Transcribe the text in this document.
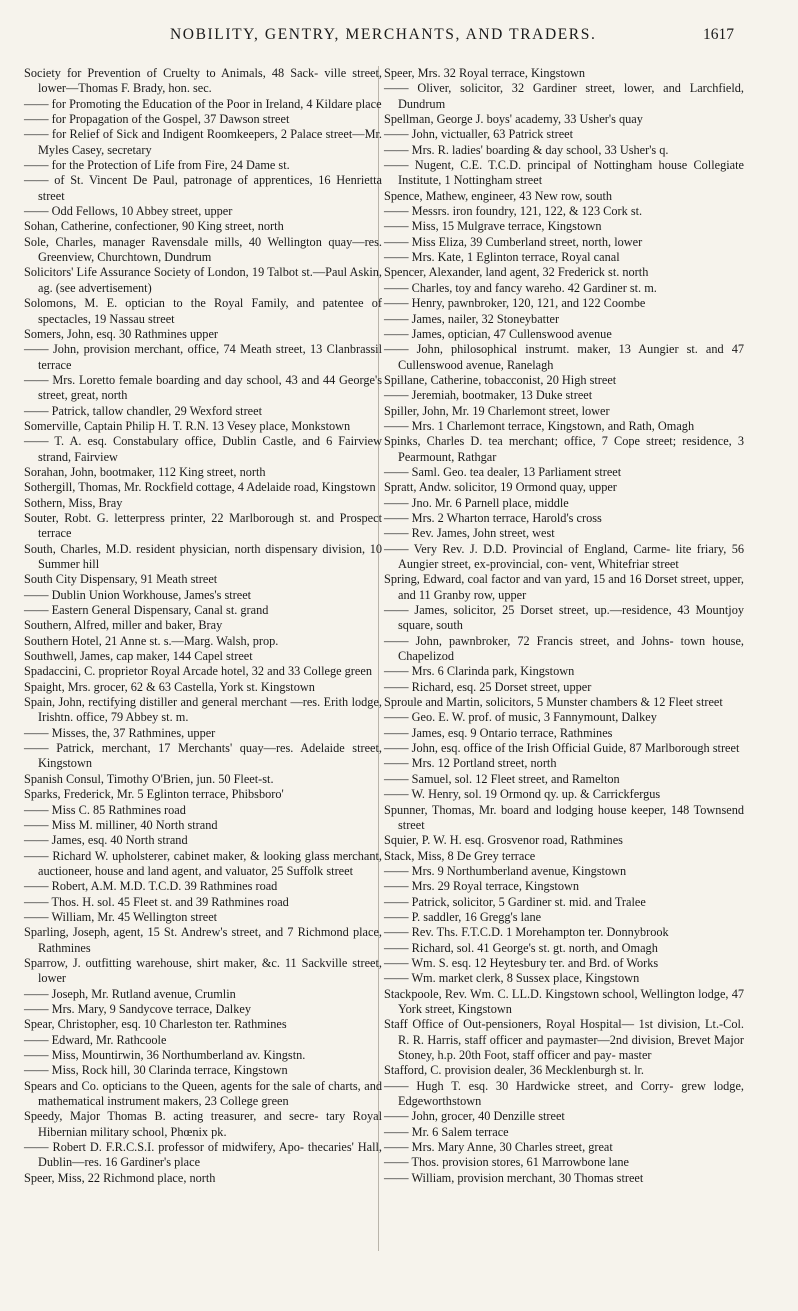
NOBILITY, GENTRY, MERCHANTS, AND TRADERS.	1617
Society for Prevention of Cruelty to Animals, 48 Sack- ville street, lower—Thomas F. Brady, hon. sec.
—— for Promoting the Education of the Poor in Ireland, 4 Kildare place
—— for Propagation of the Gospel, 37 Dawson street
—— for Relief of Sick and Indigent Roomkeepers, 2 Palace street—Mr. Myles Casey, secretary
—— for the Protection of Life from Fire, 24 Dame st.
—— of St. Vincent De Paul, patronage of apprentices, 16 Henrietta street
—— Odd Fellows, 10 Abbey street, upper
Sohan, Catherine, confectioner, 90 King street, north
Sole, Charles, manager Ravensdale mills, 40 Wellington quay—res. Greenview, Churchtown, Dundrum
Solicitors' Life Assurance Society of London, 19 Talbot st.—Paul Askin, ag. (see advertisement)
Solomons, M. E. optician to the Royal Family, and patentee of spectacles, 19 Nassau street
Somers, John, esq. 30 Rathmines upper
—— John, provision merchant, office, 74 Meath street, 13 Clanbrassil terrace
—— Mrs. Loretto female boarding and day school, 43 and 44 George's street, great, north
—— Patrick, tallow chandler, 29 Wexford street
Somerville, Captain Philip H. T. R.N. 13 Vesey place, Monkstown
—— T. A. esq. Constabulary office, Dublin Castle, and 6 Fairview strand, Fairview
Sorahan, John, bootmaker, 112 King street, north
Sothergill, Thomas, Mr. Rockfield cottage, 4 Adelaide road, Kingstown
Sothern, Miss, Bray
Souter, Robt. G. letterpress printer, 22 Marlborough st. and Prospect terrace
South, Charles, M.D. resident physician, north dispensary division, 10 Summer hill
South City Dispensary, 91 Meath street
—— Dublin Union Workhouse, James's street
—— Eastern General Dispensary, Canal st. grand
Southern, Alfred, miller and baker, Bray
Southern Hotel, 21 Anne st. s.—Marg. Walsh, prop.
Southwell, James, cap maker, 144 Capel street
Spadaccini, C. proprietor Royal Arcade hotel, 32 and 33 College green
Spaight, Mrs. grocer, 62 & 63 Castella, York st. Kingstown
Spain, John, rectifying distiller and general merchant —res. Erith lodge, Irishtn. office, 79 Abbey st. m.
—— Misses, the, 37 Rathmines, upper
—— Patrick, merchant, 17 Merchants' quay—res. Adelaide street, Kingstown
Spanish Consul, Timothy O'Brien, jun. 50 Fleet-st.
Sparks, Frederick, Mr. 5 Eglinton terrace, Phibsboro'
—— Miss C. 85 Rathmines road
—— Miss M. milliner, 40 North strand
—— James, esq. 40 North strand
—— Richard W. upholsterer, cabinet maker, & looking glass merchant, auctioneer, house and land agent, and valuator, 25 Suffolk street
—— Robert, A.M. M.D. T.C.D. 39 Rathmines road
—— Thos. H. sol. 45 Fleet st. and 39 Rathmines road
—— William, Mr. 45 Wellington street
Sparling, Joseph, agent, 15 St. Andrew's street, and 7 Richmond place, Rathmines
Sparrow, J. outfitting warehouse, shirt maker, &c. 11 Sackville street, lower
—— Joseph, Mr. Rutland avenue, Crumlin
—— Mrs. Mary, 9 Sandycove terrace, Dalkey
Spear, Christopher, esq. 10 Charleston ter. Rathmines
—— Edward, Mr. Rathcoole
—— Miss, Mountirwin, 36 Northumberland av. Kingstn.
—— Miss, Rock hill, 30 Clarinda terrace, Kingstown
Spears and Co. opticians to the Queen, agents for the sale of charts, and mathematical instrument makers, 23 College green
Speedy, Major Thomas B. acting treasurer, and secre- tary Royal Hibernian military school, Phœnix pk.
—— Robert D. F.R.C.S.I. professor of midwifery, Apo- thecaries' Hall, Dublin—res. 16 Gardiner's place
Speer, Miss, 22 Richmond place, north
Speer, Mrs. 32 Royal terrace, Kingstown
—— Oliver, solicitor, 32 Gardiner street, lower, and Larchfield, Dundrum
Spellman, George J. boys' academy, 33 Usher's quay
—— John, victualler, 63 Patrick street
—— Mrs. R. ladies' boarding & day school, 33 Usher's q.
—— Nugent, C.E. T.C.D. principal of Nottingham house Collegiate Institute, 1 Nottingham street
Spence, Mathew, engineer, 43 New row, south
—— Messrs. iron foundry, 121, 122, & 123 Cork st.
—— Miss, 15 Mulgrave terrace, Kingstown
—— Miss Eliza, 39 Cumberland street, north, lower
—— Mrs. Kate, 1 Eglinton terrace, Royal canal
Spencer, Alexander, land agent, 32 Frederick st. north
—— Charles, toy and fancy wareho. 42 Gardiner st. m.
—— Henry, pawnbroker, 120, 121, and 122 Coombe
—— James, nailer, 32 Stoneybatter
—— James, optician, 47 Cullenswood avenue
—— John, philosophical instrumt. maker, 13 Aungier st. and 47 Cullenswood avenue, Ranelagh
Spillane, Catherine, tobacconist, 20 High street
—— Jeremiah, bootmaker, 13 Duke street
Spiller, John, Mr. 19 Charlemont street, lower
—— Mrs. 1 Charlemont terrace, Kingstown, and Rath, Omagh
Spinks, Charles D. tea merchant; office, 7 Cope street; residence, 3 Pearmount, Rathgar
—— Saml. Geo. tea dealer, 13 Parliament street
Spratt, Andw. solicitor, 19 Ormond quay, upper
—— Jno. Mr. 6 Parnell place, middle
—— Mrs. 2 Wharton terrace, Harold's cross
—— Rev. James, John street, west
—— Very Rev. J. D.D. Provincial of England, Carme- lite friary, 56 Aungier street, ex-provincial, con- vent, Whitefriar street
Spring, Edward, coal factor and van yard, 15 and 16 Dorset street, upper, and 11 Granby row, upper
—— James, solicitor, 25 Dorset street, up.—residence, 43 Mountjoy square, south
—— John, pawnbroker, 72 Francis street, and Johns- town house, Chapelizod
—— Mrs. 6 Clarinda park, Kingstown
—— Richard, esq. 25 Dorset street, upper
Sproule and Martin, solicitors, 5 Munster chambers & 12 Fleet street
—— Geo. E. W. prof. of music, 3 Fannymount, Dalkey
—— James, esq. 9 Ontario terrace, Rathmines
—— John, esq. office of the Irish Official Guide, 87 Marlborough street
—— Mrs. 12 Portland street, north
—— Samuel, sol. 12 Fleet street, and Ramelton
—— W. Henry, sol. 19 Ormond qy. up. & Carrickfergus
Spunner, Thomas, Mr. board and lodging house keeper, 148 Townsend street
Squier, P. W. H. esq. Grosvenor road, Rathmines
Stack, Miss, 8 De Grey terrace
—— Mrs. 9 Northumberland avenue, Kingstown
—— Mrs. 29 Royal terrace, Kingstown
—— Patrick, solicitor, 5 Gardiner st. mid. and Tralee
—— P. saddler, 16 Gregg's lane
—— Rev. Ths. F.T.C.D. 1 Morehampton ter. Donnybrook
—— Richard, sol. 41 George's st. gt. north, and Omagh
—— Wm. S. esq. 12 Heytesbury ter. and Brd. of Works
—— Wm. market clerk, 8 Sussex place, Kingstown
Stackpoole, Rev. Wm. C. LL.D. Kingstown school, Wellington lodge, 47 York street, Kingstown
Staff Office of Out-pensioners, Royal Hospital— 1st division, Lt.-Col. R. R. Harris, staff officer and paymaster—2nd division, Brevet Major Stoney, h.p. 20th Foot, staff officer and pay- master
Stafford, C. provision dealer, 36 Mecklenburgh st. lr.
—— Hugh T. esq. 30 Hardwicke street, and Corry- grew lodge, Edgeworthstown
—— John, grocer, 40 Denzille street
—— Mr. 6 Salem terrace
—— Mrs. Mary Anne, 30 Charles street, great
—— Thos. provision stores, 61 Marrowbone lane
—— William, provision merchant, 30 Thomas street
